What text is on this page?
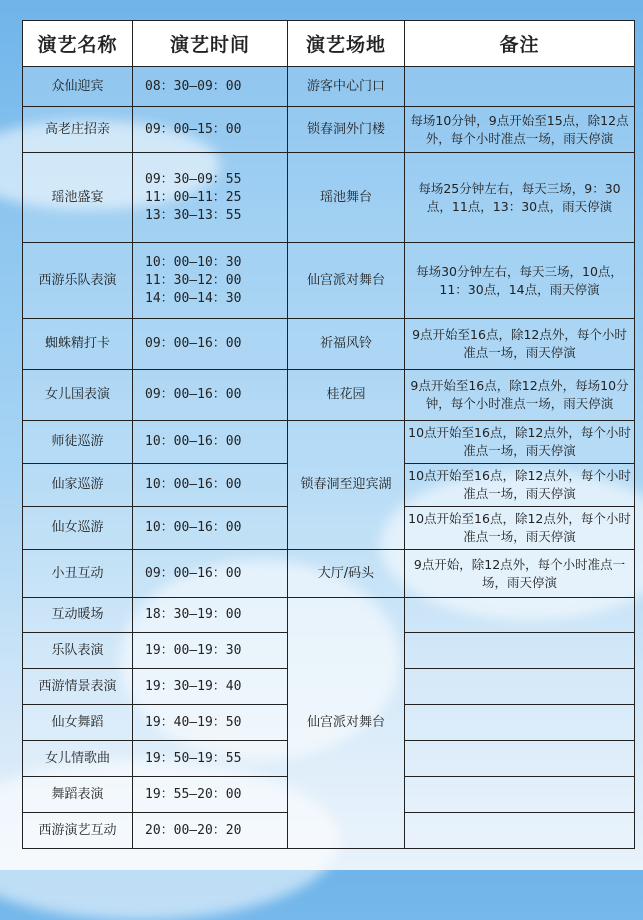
演艺名称	演艺时间	演艺场地	备注
众仙迎宾	08：30—09：00	游客中心门口	
高老庄招亲	09：00—15：00	锁春洞外门楼	每场10分钟，9点开始至15点，除12点外，每个小时准点一场，雨天停演
瑶池盛宴	09：30—09：55
11：00—11：25
13：30—13：55	瑶池舞台	每场25分钟左右，每天三场，9：30点，11点，13：30点，雨天停演
西游乐队表演	10：00—10：30
11：30—12：00
14：00—14：30	仙宫派对舞台	每场30分钟左右，每天三场，10点，11：30点，14点，雨天停演
蜘蛛精打卡	09：00—16：00	祈福风铃	9点开始至16点，除12点外，每个小时准点一场，雨天停演
女儿国表演	09：00—16：00	桂花园	9点开始至16点，除12点外，每场10分钟，每个小时准点一场，雨天停演
师徒巡游	10：00—16：00	锁春洞至迎宾湖	10点开始至16点，除12点外，每个小时准点一场，雨天停演
仙家巡游	10：00—16：00		10点开始至16点，除12点外，每个小时准点一场，雨天停演
仙女巡游	10：00—16：00		10点开始至16点，除12点外，每个小时准点一场，雨天停演
小丑互动	09：00—16：00	大厅/码头	9点开始，除12点外，每个小时准点一场，雨天停演
互动暖场	18：30—19：00	仙宫派对舞台	
乐队表演	19：00—19：30		
西游情景表演	19：30—19：40		
仙女舞蹈	19：40—19：50		
女儿情歌曲	19：50—19：55		
舞蹈表演	19：55—20：00		
西游演艺互动	20：00—20：20		
